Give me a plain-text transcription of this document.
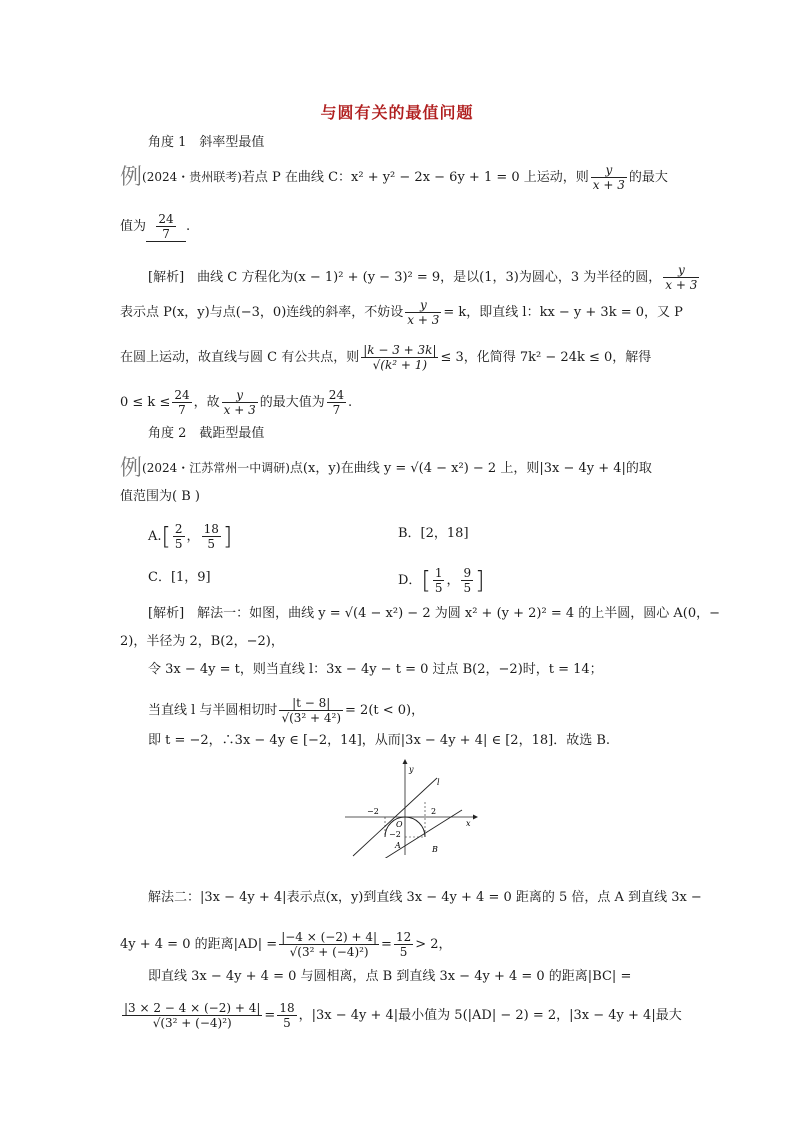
与圆有关的最值问题
角度 1　斜率型最值
例(2024・贵州联考)若点 P 在曲线 C：x² + y² − 2x − 6y + 1 = 0 上运动，则 $\frac{y}{x + 3}$ 的最大
值为 $\frac{24}{7}$ .
[解析]　曲线 C 方程化为(x − 1)² + (y − 3)² = 9，是以(1，3)为圆心，3 为半径的圆， $\frac{y}{x + 3}$
表示点 P(x，y)与点(−3，0)连线的斜率，不妨设 $\frac{y}{x + 3} = k$，即直线 l：kx − y + 3k = 0，又 P
在圆上运动，故直线与圆 C 有公共点，则 $\frac{|k - 3 + 3k|}{\text{√(k² + 1)}} \le 3$，化简得 7k² − 24k ≤ 0，解得
$0 \le k \le \frac{24}{7}$ ，故 $\frac{y}{x + 3}$ 的最大值为 $\frac{24}{7}$ .
角度 2　截距型最值
例(2024・江苏常州一中调研)点(x，y)在曲线 y = √(4 − x²) − 2 上，则|3x − 4y + 4|的取
值范围为( B )
$A.[ \frac{2}{5}$ ， $\frac{18}{5}$ ]	B．[2，18]
C．[1，9]	D．[ $\frac{1}{5}$ ， $\frac{9}{5}$ ]
[解析]　解法一：如图，曲线 y = √(4 − x²) − 2 为圆 x² + (y + 2)² = 4 的上半圆，圆心 A(0，−
2)，半径为 2，B(2，−2)，
令 3x − 4y = t，则当直线 l：3x − 4y − t = 0 过点 B(2，−2)时，t = 14；
当直线 l 与半圆相切时 $\frac{|t - 8|}{\text{√(3² + 4²)}} = 2(t < 0)$，
即 t = −2，∴3x − 4y ∈ [−2，14]，从而|3x − 4y + 4| ∈ [2，18]．故选 B.
y
x
l
O
A	B
−2	2
−2
解法二：|3x − 4y + 4|表示点(x，y)到直线 3x − 4y + 4 = 0 距离的 5 倍，点 A 到直线 3x −
4y + 4 = 0 的距离$|AD| = \frac{|-4 \times (-2) + 4|}{\text{√(3² + (−4)²)}} = \frac{12}{5} > 2$，
即直线 3x − 4y + 4 = 0 与圆相离，点 B 到直线 3x − 4y + 4 = 0 的距离|BC| =
$\frac{|3 \times 2 - 4 \times (-2) + 4|}{\text{√(3² + (−4)²)}} = \frac{18}{5}$ ，|3x − 4y + 4|最小值为 5(|AD| − 2) = 2，|3x − 4y + 4|最大
